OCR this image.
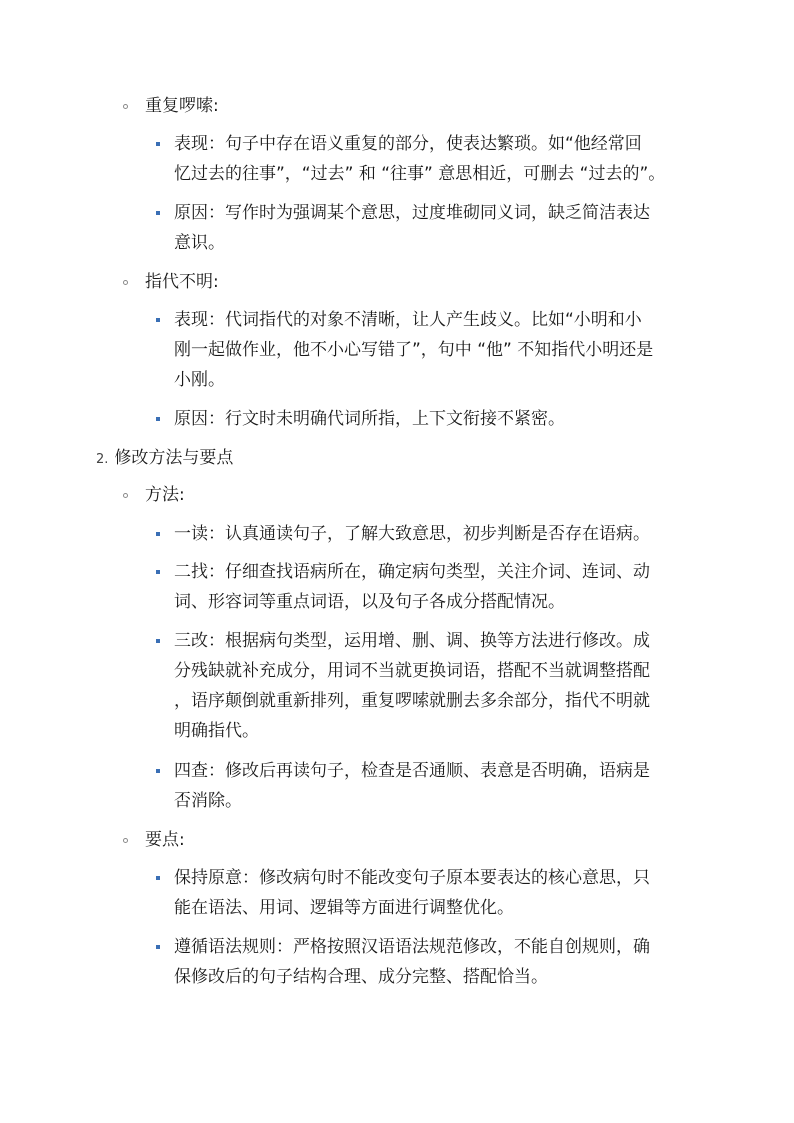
重复啰嗦:
表现：句子中存在语义重复的部分，使表达繁琐。如“他经常回
忆过去的往事”，“过去” 和 “往事” 意思相近，可删去 “过去的”。
原因：写作时为强调某个意思，过度堆砌同义词，缺乏简洁表达
意识。
指代不明:
表现：代词指代的对象不清晰，让人产生歧义。比如“小明和小
刚一起做作业，他不小心写错了”，句中 “他” 不知指代小明还是
小刚。
原因：行文时未明确代词所指，上下文衔接不紧密。
2. 修改方法与要点
方法:
一读：认真通读句子，了解大致意思，初步判断是否存在语病。
二找：仔细查找语病所在，确定病句类型，关注介词、连词、动
词、形容词等重点词语，以及句子各成分搭配情况。
三改：根据病句类型，运用增、删、调、换等方法进行修改。成
分残缺就补充成分，用词不当就更换词语，搭配不当就调整搭配
，语序颠倒就重新排列，重复啰嗦就删去多余部分，指代不明就
明确指代。
四查：修改后再读句子，检查是否通顺、表意是否明确，语病是
否消除。
要点:
保持原意：修改病句时不能改变句子原本要表达的核心意思，只
能在语法、用词、逻辑等方面进行调整优化。
遵循语法规则：严格按照汉语语法规范修改，不能自创规则，确
保修改后的句子结构合理、成分完整、搭配恰当。
